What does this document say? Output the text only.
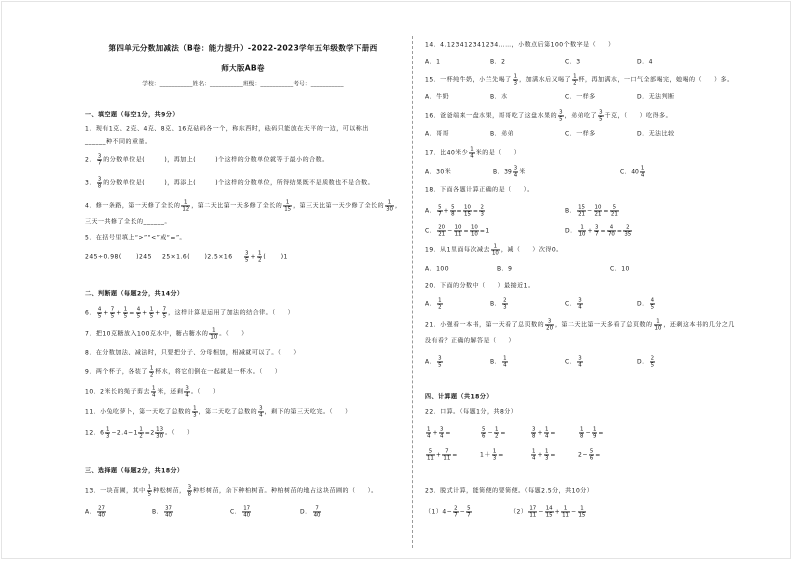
第四单元分数加减法（B卷：能力提升）-2022-2023学年五年级数学下册西
师大版AB卷
学校：___________姓名：___________班级：___________考号：___________
一、填空题（每空1分，共9分）
1．现有1克、2克、4克、8克、16克砝码各一个，称东西时，砝码只能放在天平的一边，可以称出
______种不同的重量。
2． $\frac{3}{7}$ 的分数单位是(        )，再加上(        )个这样的分数单位就等于最小的合数。
3． $\frac{3}{8}$ 的分数单位是(        )，再添上(        )个这样的分数单位，所得结果既不是质数也不是合数。
4．修一条路，第一天修了全长的 $\frac{1}{12}$ ，第二天比第一天多修了全长的 $\frac{1}{15}$ ，第三天比第一天少修了全长的 $\frac{1}{30}$ ，
三天一共修了全长的______。
5．在括号里填上“>”“<”或“=”。
245÷0.98(      )245 25×1.6(      )$2.5\times 16 \frac{3}{5} + \frac{1}{2}$ (      )1
二、判断题（每题2分，共14分）
6． $\frac{4}{5} + \frac{7}{5} + \frac{1}{5} = \frac{4}{5} + \frac{1}{5} + \frac{7}{5}$ ，这样计算是运用了加法的结合律。（     ）
7．把10克糖放入100克水中，糖占糖水的 $\frac{1}{10}$ 。（     ）
8．在分数加法、减法时，只要把分子、分母相加，相减就可以了。（     ）
9．两个杯子，各装了 $\frac{1}{2}$ 杯水，将它们倒在一起就是一杯水。（     ）
10．2米长的绳子剪去 $\frac{1}{4}$ 米，还剩 $\frac{3}{4}$ 。（     ）
11．小兔吃萝卜，第一天吃了总数的 $\frac{1}{3}$ ，第二天吃了总数的 $\frac{3}{4}$ ，剩下的第三天吃完。（     ）
12．$6 \frac{1}{3} -2.4-1 \frac{1}{2} =2 \frac{13}{30}$ 。（     ）
三、选择题（每题2分，共18分）
13．一块苗圃，其中 $\frac{1}{5}$ 种松树苗， $\frac{3}{8}$ 种杉树苗，余下种柏树苗。种柏树苗的地占这块苗圃的（     ）。
A． $\frac{27}{40}$	B． $\frac{37}{40}$	C． $\frac{17}{40}$	D． $\frac{7}{40}$
14．4.123412341234……，小数点后第100个数字是（     ）
A．1	B．2	C．3	D．4
15．一杯纯牛奶，小兰先喝了 $\frac{1}{3}$ ，加满水后又喝了 $\frac{1}{2}$ 杯，再加满水，一口气全部喝完，她喝的（     ）多。
A．牛奶	B．水	C．一样多	D．无法判断
16．爸爸端来一盘水果，哥哥吃了这盘水果的 $\frac{3}{5}$ ，弟弟吃了 $\frac{3}{5}$ 千克，（     ）吃得多。
A．哥哥	B．弟弟	C．一样多	D．无法比较
17．比40米少 $\frac{1}{4}$ 米的是（     ）
A．30米	B．$39 \frac{3}{4}$ 米	C．$40 \frac{1}{4}$
18．下面各题计算正确的是（     ）。
A． $\frac{5}{7} + \frac{5}{8} = \frac{10}{15} = \frac{2}{3}$	B． $\frac{15}{21} - \frac{10}{21} = \frac{5}{21}$
C． $\frac{20}{21} - \frac{10}{11} = \frac{10}{10} =1$	D． $\frac{1}{10} + \frac{3}{7} = \frac{4}{70} = \frac{2}{35}$
19．从1里面每次减去 $\frac{1}{10}$ ，减（     ）次得0。
A．100	B．9	C．10
20．下面的分数中（     ）最接近1。
A． $\frac{1}{2}$	B． $\frac{2}{3}$	C． $\frac{3}{4}$	D． $\frac{4}{5}$
21．小强看一本书，第一天看了总页数的 $\frac{3}{20}$ ，第二天比第一天多看了总页数的 $\frac{1}{10}$ ，还剩这本书的几分之几
没有看？正确的解答是（     ）
A． $\frac{3}{5}$	B． $\frac{1}{4}$	C． $\frac{3}{4}$	D． $\frac{2}{5}$
四、计算题（共18分）
22．口算。（每题1分，共8分）
$\frac{1}{4} + \frac{3}{4}$ =	$\frac{5}{6} - \frac{1}{2}$ =	$\frac{3}{8} + \frac{1}{4}$ =	$\frac{1}{8} - \frac{1}{9}$ =
$\frac{5}{11} + \frac{7}{11}$ =	$1+ \frac{1}{3}$ =	$\frac{1}{4} + \frac{1}{3}$ =	$2- \frac{5}{6}$ =
23．脱式计算，能简便的要简便。（每题2.5分，共10分）
$(1)4- \frac{2}{7} - \frac{5}{7}$	$(2) \frac{17}{11} - \frac{14}{15} + \frac{1}{11} - \frac{1}{15}$
